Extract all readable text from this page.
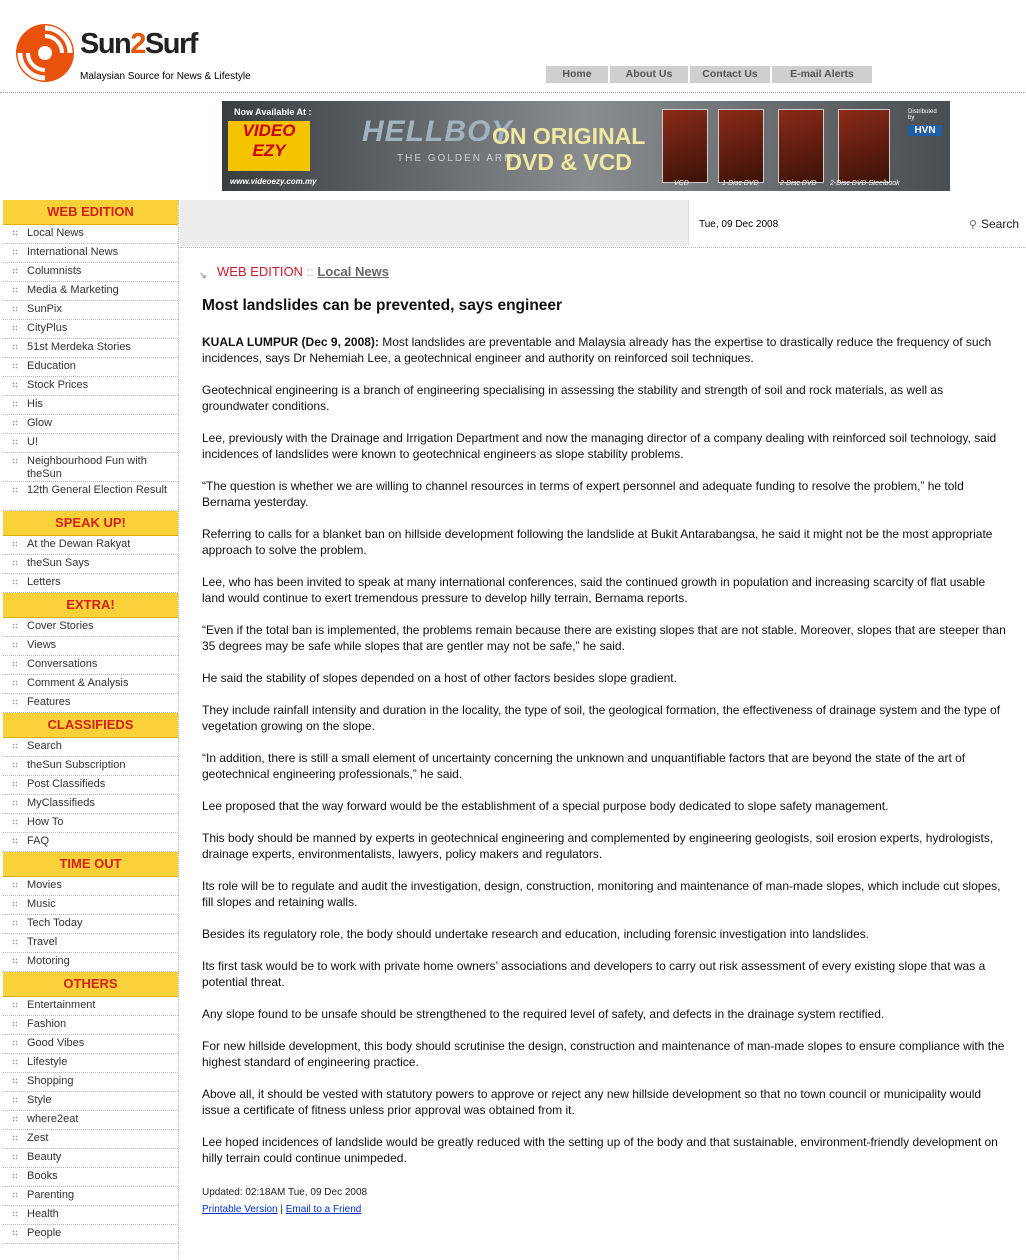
Sun2Surf
Malaysian Source for News & Lifestyle	Home	About Us	Contact Us	E-mail Alerts
Now Available At :
VIDEO EZY
www.videoezy.com.my
HELLBOY
THE GOLDEN ARMY
ON ORIGINAL
DVD & VCD
VCD	1-Disc DVD	2-Disc DVD 2-Disc DVD Steelbook
Distributed by
HVN
WEB EDITION
Local News
International News
Columnists
Media & Marketing
SunPix
CityPlus
51st Merdeka Stories
Education
Stock Prices
His
Glow
U!
Neighbourhood Fun with theSun
12th General Election Result
SPEAK UP!
At the Dewan Rakyat
theSun Says
Letters
EXTRA!
Cover Stories
Views
Conversations
Comment & Analysis
Features
CLASSIFIEDS
Search
theSun Subscription
Post Classifieds
MyClassifieds
How To
FAQ
TIME OUT
Movies
Music
Tech Today
Travel
Motoring
OTHERS
Entertainment
Fashion
Good Vibes
Lifestyle
Shopping
Style
where2eat
Zest
Beauty
Books
Parenting
Health
People
Tue, 09 Dec 2008	⚲ Search
↘ WEB EDITION :: Local News
Most landslides can be prevented, says engineer

KUALA LUMPUR (Dec 9, 2008): Most landslides are preventable and Malaysia already has the expertise to drastically reduce the frequency of such incidences, says Dr Nehemiah Lee, a geotechnical engineer and authority on reinforced soil techniques.

Geotechnical engineering is a branch of engineering specialising in assessing the stability and strength of soil and rock materials, as well as groundwater conditions.

Lee, previously with the Drainage and Irrigation Department and now the managing director of a company dealing with reinforced soil technology, said incidences of landslides were known to geotechnical engineers as slope stability problems.

“The question is whether we are willing to channel resources in terms of expert personnel and adequate funding to resolve the problem,” he told Bernama yesterday.

Referring to calls for a blanket ban on hillside development following the landslide at Bukit Antarabangsa, he said it might not be the most appropriate approach to solve the problem.

Lee, who has been invited to speak at many international conferences, said the continued growth in population and increasing scarcity of flat usable land would continue to exert tremendous pressure to develop hilly terrain, Bernama reports.

“Even if the total ban is implemented, the problems remain because there are existing slopes that are not stable. Moreover, slopes that are steeper than 35 degrees may be safe while slopes that are gentler may not be safe,” he said.

He said the stability of slopes depended on a host of other factors besides slope gradient.

They include rainfall intensity and duration in the locality, the type of soil, the geological formation, the effectiveness of drainage system and the type of vegetation growing on the slope.

“In addition, there is still a small element of uncertainty concerning the unknown and unquantifiable factors that are beyond the state of the art of geotechnical engineering professionals,” he said.

Lee proposed that the way forward would be the establishment of a special purpose body dedicated to slope safety management.

This body should be manned by experts in geotechnical engineering and complemented by engineering geologists, soil erosion experts, hydrologists, drainage experts, environmentalists, lawyers, policy makers and regulators.

Its role will be to regulate and audit the investigation, design, construction, monitoring and maintenance of man-made slopes, which include cut slopes, fill slopes and retaining walls.

Besides its regulatory role, the body should undertake research and education, including forensic investigation into landslides.

Its first task would be to work with private home owners’ associations and developers to carry out risk assessment of every existing slope that was a potential threat.

Any slope found to be unsafe should be strengthened to the required level of safety, and defects in the drainage system rectified.

For new hillside development, this body should scrutinise the design, construction and maintenance of man-made slopes to ensure compliance with the highest standard of engineering practice.

Above all, it should be vested with statutory powers to approve or reject any new hillside development so that no town council or municipality would issue a certificate of fitness unless prior approval was obtained from it.

Lee hoped incidences of landslide would be greatly reduced with the setting up of the body and that sustainable, environment-friendly development on hilly terrain could continue unimpeded.

Updated: 02:18AM Tue, 09 Dec 2008
Printable Version | Email to a Friend
